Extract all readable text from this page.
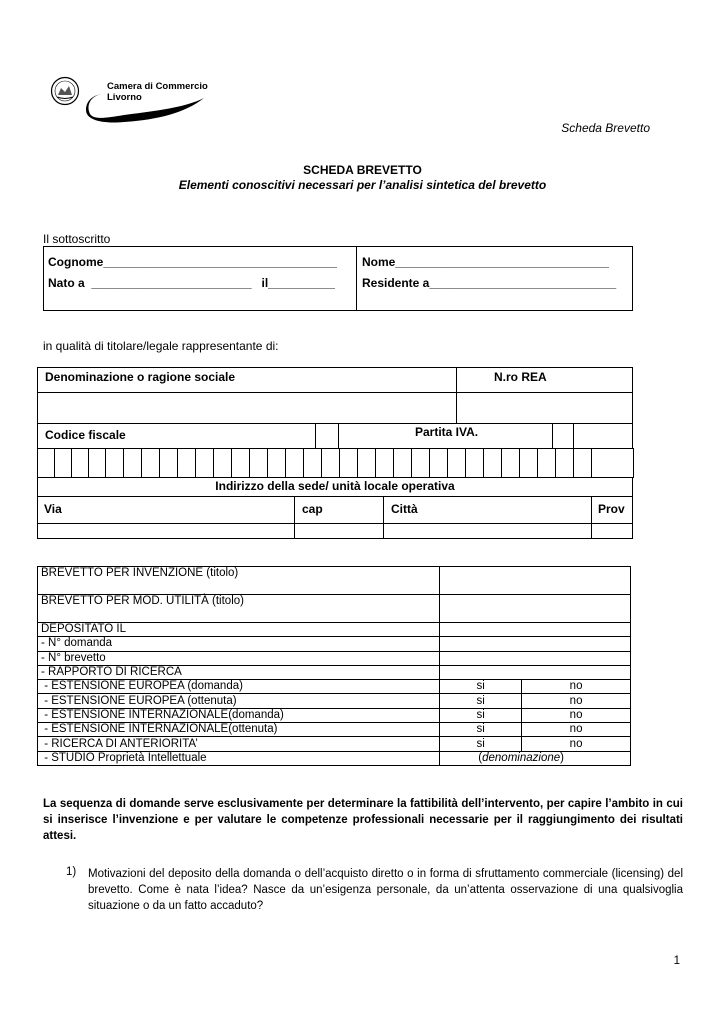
Camera di Commercio
Livorno
Scheda Brevetto
SCHEDA BREVETTO
Elementi conoscitivi necessari per l’analisi sintetica del brevetto
Il sottoscritto
Cognome___________________________________ Nome________________________________
Nato a  ________________________   il__________ Residente a____________________________
in qualità di titolare/legale rappresentante di:
Denominazione o ragione sociale	N.ro REA
Codice fiscale	Partita IVA.
Indirizzo della sede/ unità locale operativa
Via	cap	Città	Prov
BREVETTO PER INVENZIONE (titolo)		
BREVETTO PER MOD. UTILITÀ (titolo)		
DEPOSITATO IL		
- N° domanda		
- N° brevetto		
- RAPPORTO DI RICERCA		
- ESTENSIONE EUROPEA (domanda)	si	no
- ESTENSIONE EUROPEA (ottenuta)	si	no
- ESTENSIONE INTERNAZIONALE(domanda)	si	no
- ESTENSIONE INTERNAZIONALE(ottenuta)	si	no
- RICERCA DI ANTERIORITA’	si	no
- STUDIO Proprietà Intellettuale	(denominazione)	
La sequenza di domande serve esclusivamente per determinare la fattibilità dell’intervento, per capire l’ambito in cui si inserisce l’invenzione e per valutare le competenze professionali necessarie per il raggiungimento dei risultati attesi.
1) Motivazioni del deposito della domanda o dell’acquisto diretto o in forma di sfruttamento commerciale (licensing) del brevetto. Come è nata l’idea? Nasce da un’esigenza personale, da un’attenta osservazione di una qualsivoglia situazione o da un fatto accaduto?
1
